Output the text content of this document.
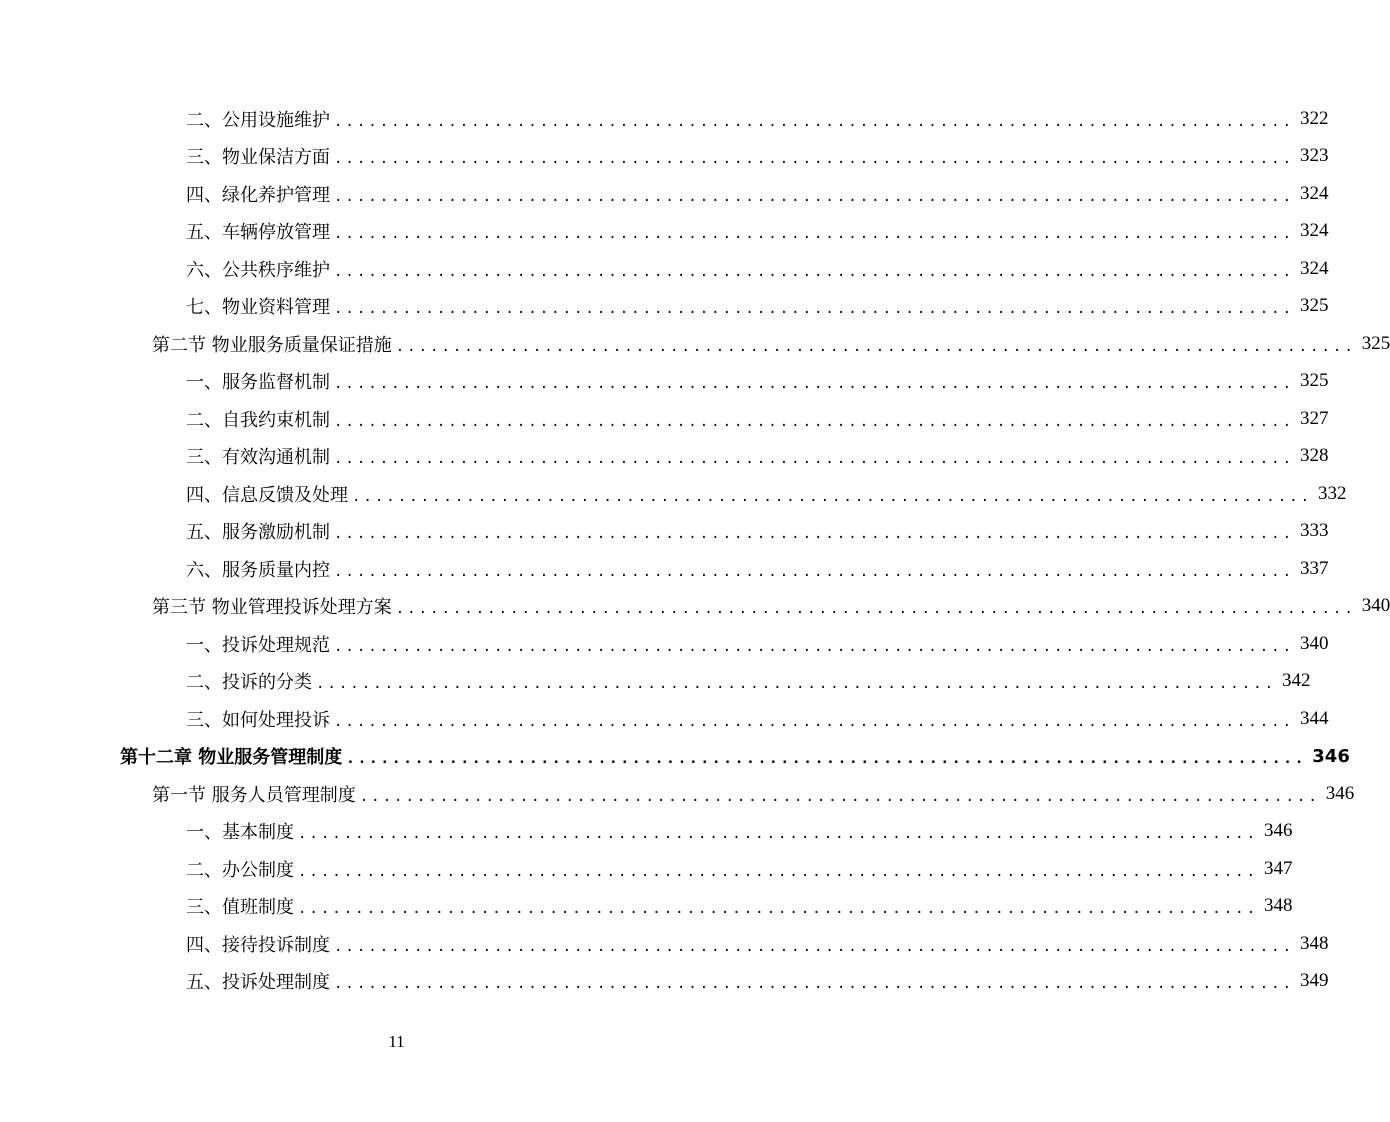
二、公用设施维护 .................................................................................... 322
三、物业保洁方面 .................................................................................... 323
四、绿化养护管理 .................................................................................... 324
五、车辆停放管理 .................................................................................... 324
六、公共秩序维护 .................................................................................... 324
七、物业资料管理 .................................................................................... 325
第二节 物业服务质量保证措施 .................................................................................... 325
一、服务监督机制 .................................................................................... 325
二、自我约束机制 .................................................................................... 327
三、有效沟通机制 .................................................................................... 328
四、信息反馈及处理 .................................................................................... 332
五、服务激励机制 .................................................................................... 333
六、服务质量内控 .................................................................................... 337
第三节 物业管理投诉处理方案 .................................................................................... 340
一、投诉处理规范 .................................................................................... 340
二、投诉的分类 .................................................................................... 342
三、如何处理投诉 .................................................................................... 344
第十二章 物业服务管理制度 .................................................................................... 346
第一节 服务人员管理制度 .................................................................................... 346
一、基本制度 .................................................................................... 346
二、办公制度 .................................................................................... 347
三、值班制度 .................................................................................... 348
四、接待投诉制度 .................................................................................... 348
五、投诉处理制度 .................................................................................... 349
11
